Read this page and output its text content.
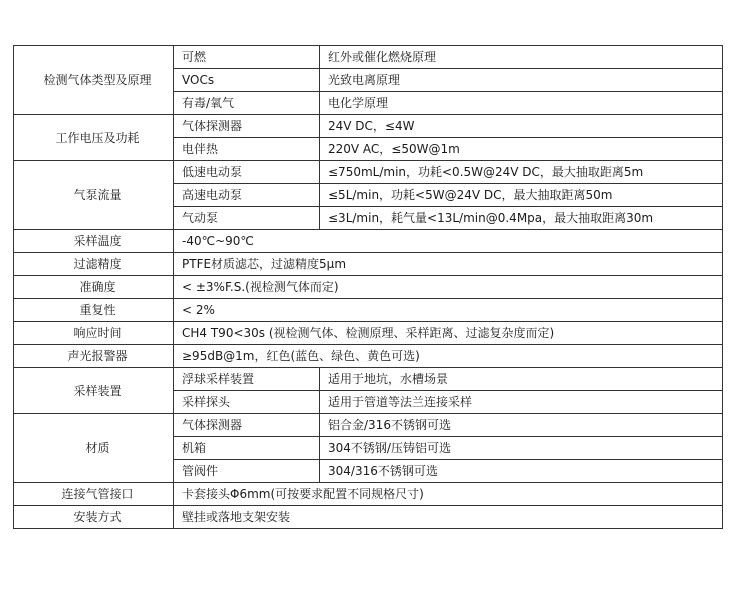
检测气体类型及原理	可燃	红外或催化燃烧原理
	VOCs	光致电离原理
	有毒/氧气	电化学原理
工作电压及功耗	气体探测器	24V DC，≤4W
	电伴热	220V AC，≤50W@1m
气泵流量	低速电动泵	≤750mL/min，功耗<0.5W@24V DC，最大抽取距离5m
	高速电动泵	≤5L/min，功耗<5W@24V DC，最大抽取距离50m
	气动泵	≤3L/min，耗气量<13L/min@0.4Mpa，最大抽取距离30m
采样温度	-40℃~90℃	
过滤精度	PTFE材质滤芯，过滤精度5μm	
准确度	< ±3%F.S.(视检测气体而定)	
重复性	< 2%	
响应时间	CH4 T90<30s (视检测气体、检测原理、采样距离、过滤复杂度而定)	
声光报警器	≥95dB@1m，红色(蓝色、绿色、黄色可选)	
采样装置	浮球采样装置	适用于地坑，水槽场景
	采样探头	适用于管道等法兰连接采样
材质	气体探测器	铝合金/316不锈钢可选
	机箱	304不锈钢/压铸铝可选
	管阀件	304/316不锈钢可选
连接气管接口	卡套接头Φ6mm(可按要求配置不同规格尺寸)	
安装方式	壁挂或落地支架安装	
